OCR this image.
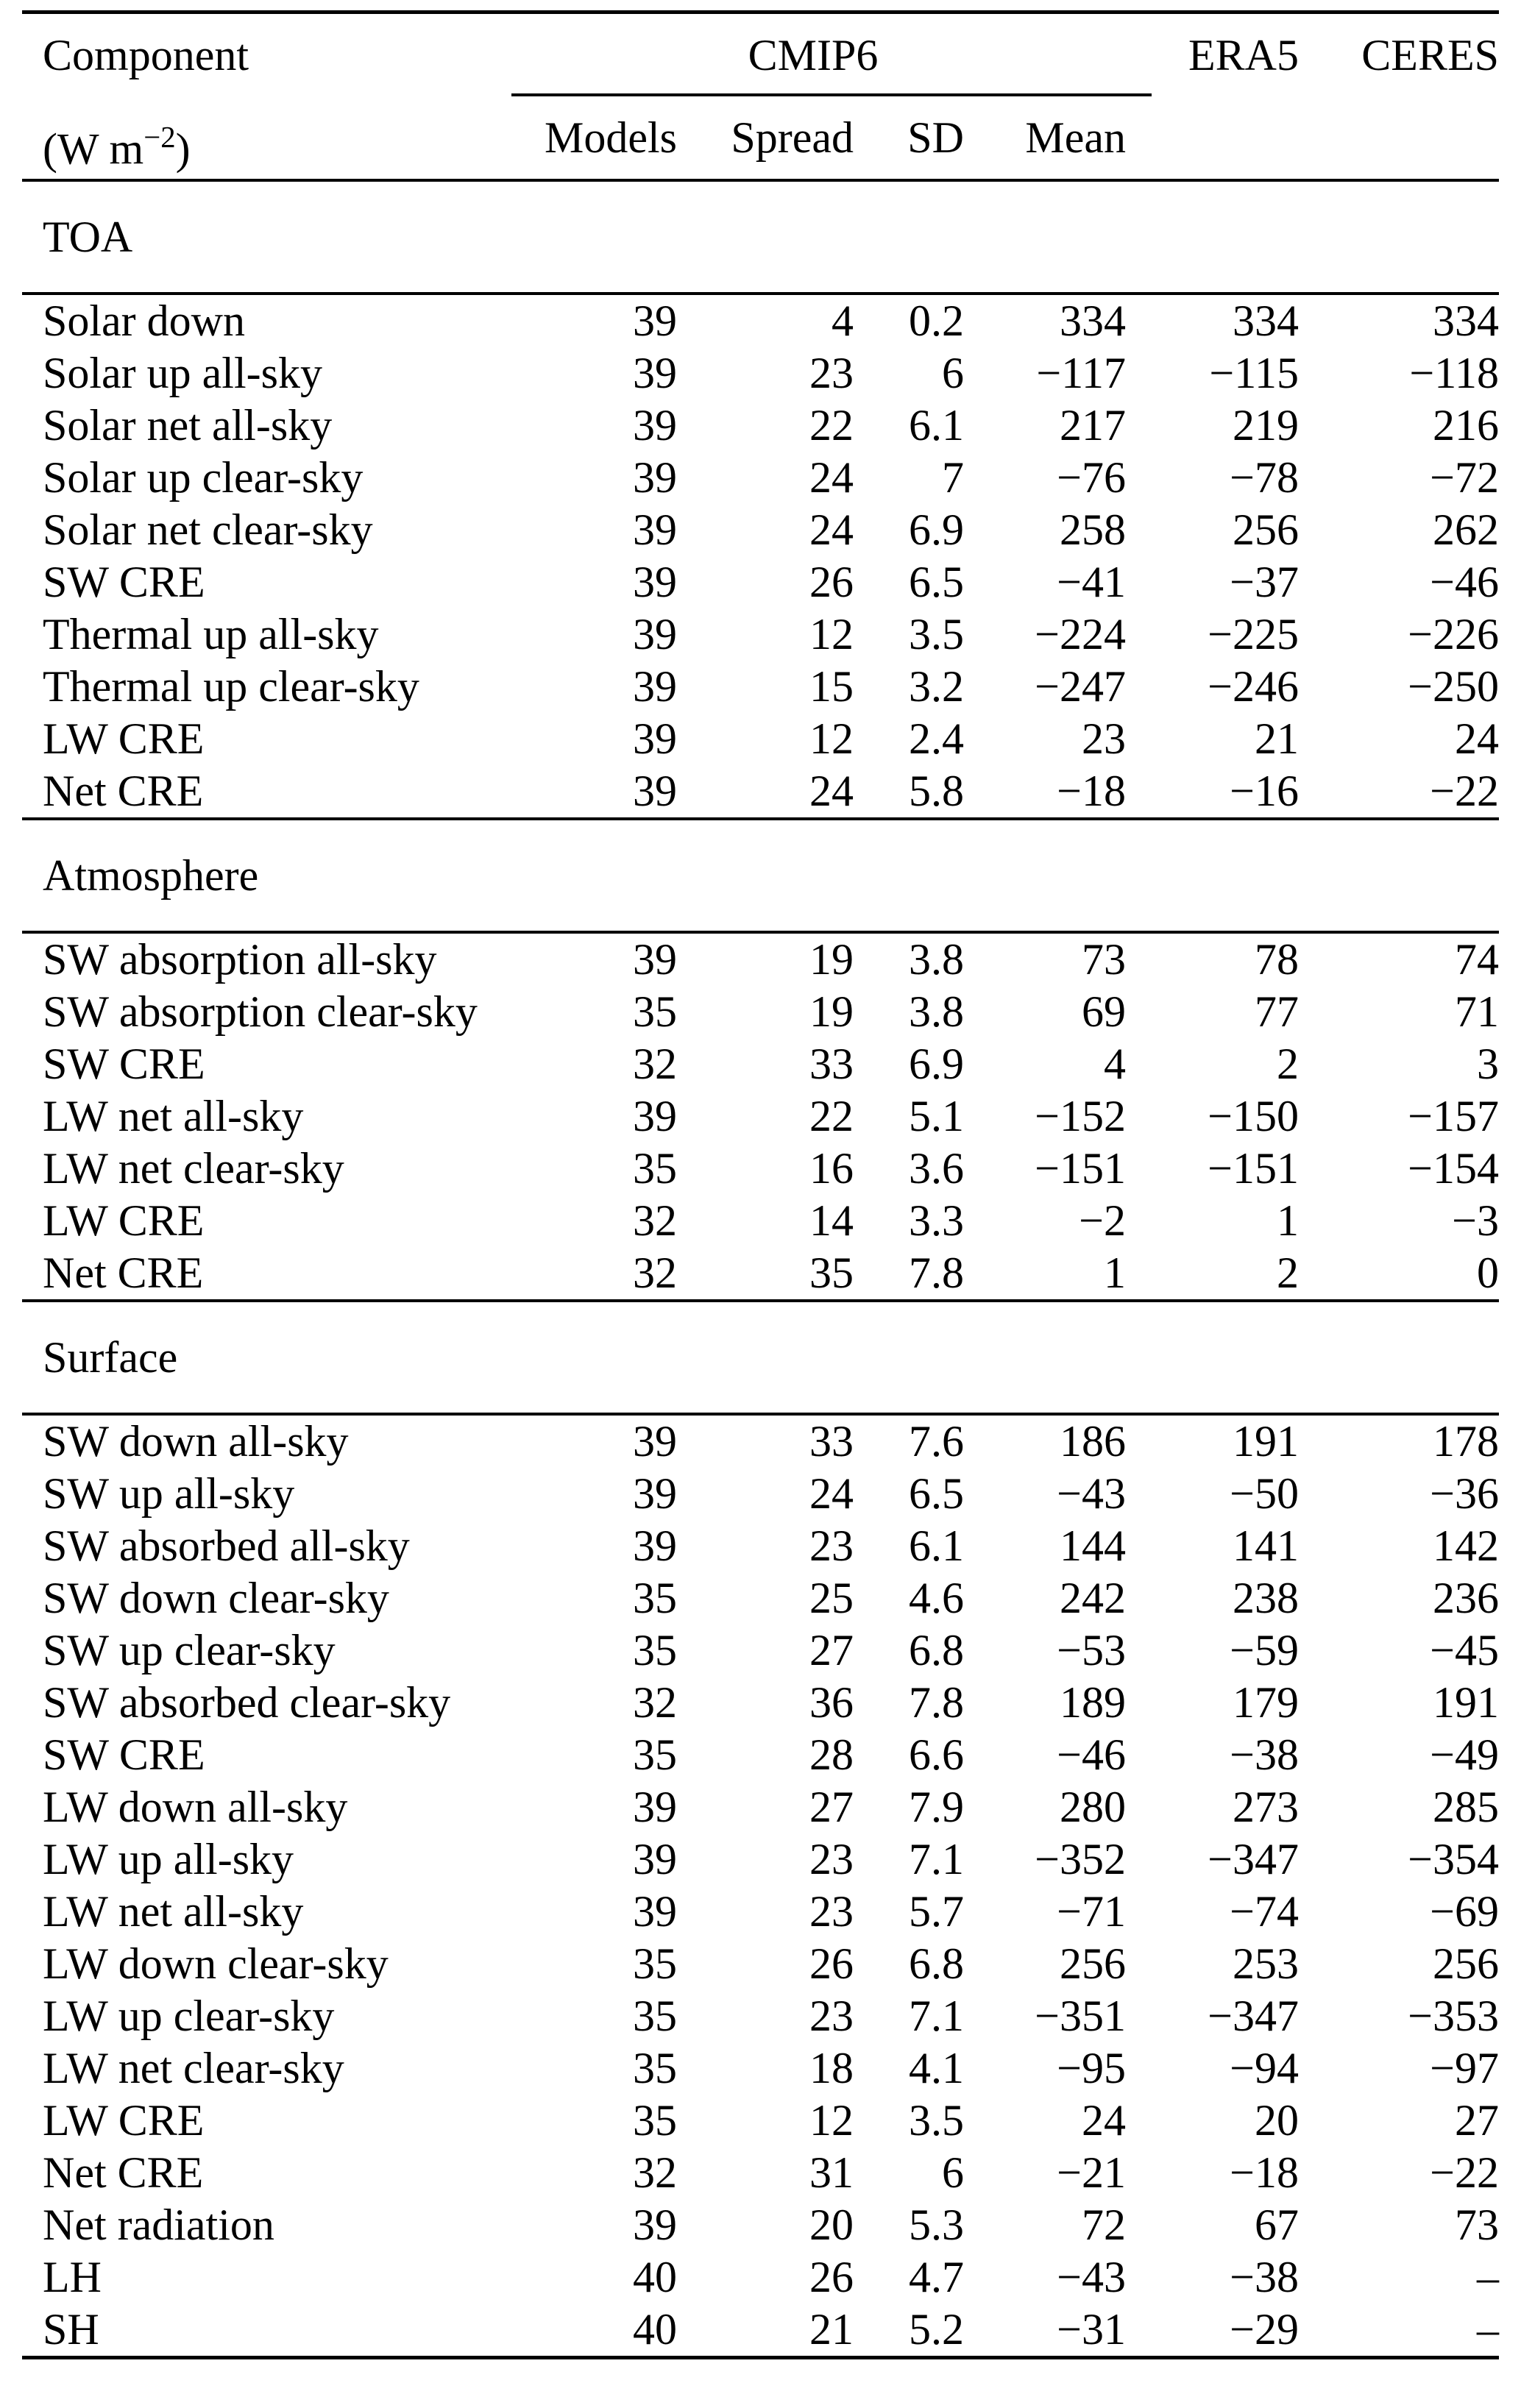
Component	CMIP6	ERA5	CERES
(W $m^{-2}$)	Models	Spread	SD	Mean
TOA
Solar down	39	4	0.2	334	334	334
Solar up all-sky	39	23	6	−117	−115	−118
Solar net all-sky	39	22	6.1	217	219	216
Solar up clear-sky	39	24	7	−76	−78	−72
Solar net clear-sky	39	24	6.9	258	256	262
SW CRE	39	26	6.5	−41	−37	−46
Thermal up all-sky	39	12	3.5	−224	−225	−226
Thermal up clear-sky	39	15	3.2	−247	−246	−250
LW CRE	39	12	2.4	23	21	24
Net CRE	39	24	5.8	−18	−16	−22
Atmosphere
SW absorption all-sky	39	19	3.8	73	78	74
SW absorption clear-sky	35	19	3.8	69	77	71
SW CRE	32	33	6.9	4	2	3
LW net all-sky	39	22	5.1	−152	−150	−157
LW net clear-sky	35	16	3.6	−151	−151	−154
LW CRE	32	14	3.3	−2	1	−3
Net CRE	32	35	7.8	1	2	0
Surface
SW down all-sky	39	33	7.6	186	191	178
SW up all-sky	39	24	6.5	−43	−50	−36
SW absorbed all-sky	39	23	6.1	144	141	142
SW down clear-sky	35	25	4.6	242	238	236
SW up clear-sky	35	27	6.8	−53	−59	−45
SW absorbed clear-sky	32	36	7.8	189	179	191
SW CRE	35	28	6.6	−46	−38	−49
LW down all-sky	39	27	7.9	280	273	285
LW up all-sky	39	23	7.1	−352	−347	−354
LW net all-sky	39	23	5.7	−71	−74	−69
LW down clear-sky	35	26	6.8	256	253	256
LW up clear-sky	35	23	7.1	−351	−347	−353
LW net clear-sky	35	18	4.1	−95	−94	−97
LW CRE	35	12	3.5	24	20	27
Net CRE	32	31	6	−21	−18	−22
Net radiation	39	20	5.3	72	67	73
LH	40	26	4.7	−43	−38	–
SH	40	21	5.2	−31	−29	–
